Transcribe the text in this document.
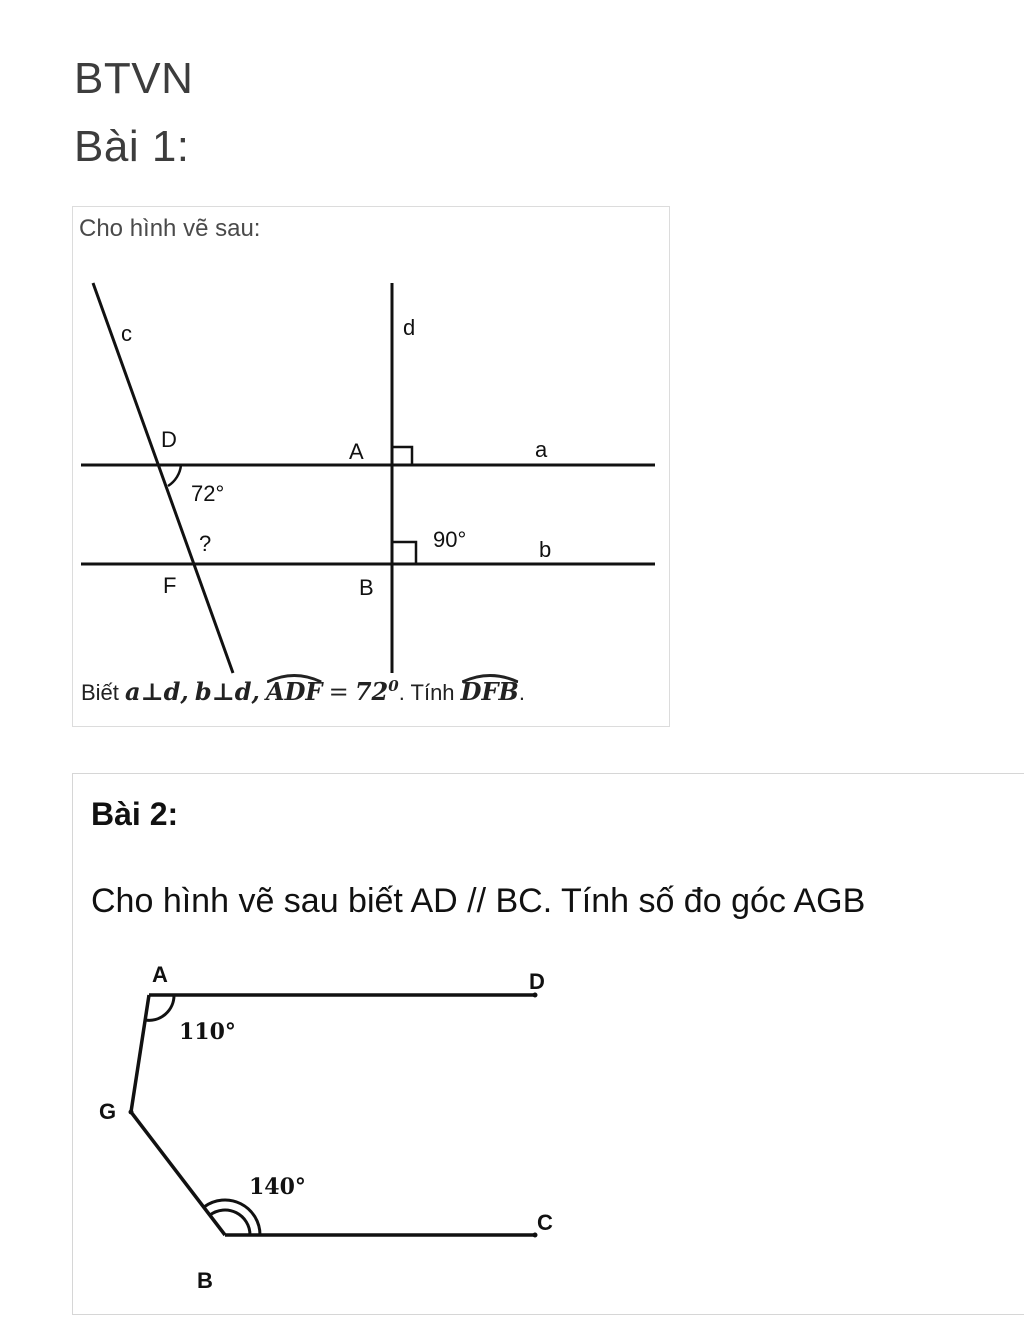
BTVN
Bài 1:
Cho hình vẽ sau:
c	d
D	A	a
72°
?	90°	b
F	B
Biết a⊥d, b⊥d, ADF = $72^0$. Tính DFB
.
Bài 2:
Cho hình vẽ sau biết AD // BC. Tính số đo góc AGB
A	D
G
C
B
110°
140°
